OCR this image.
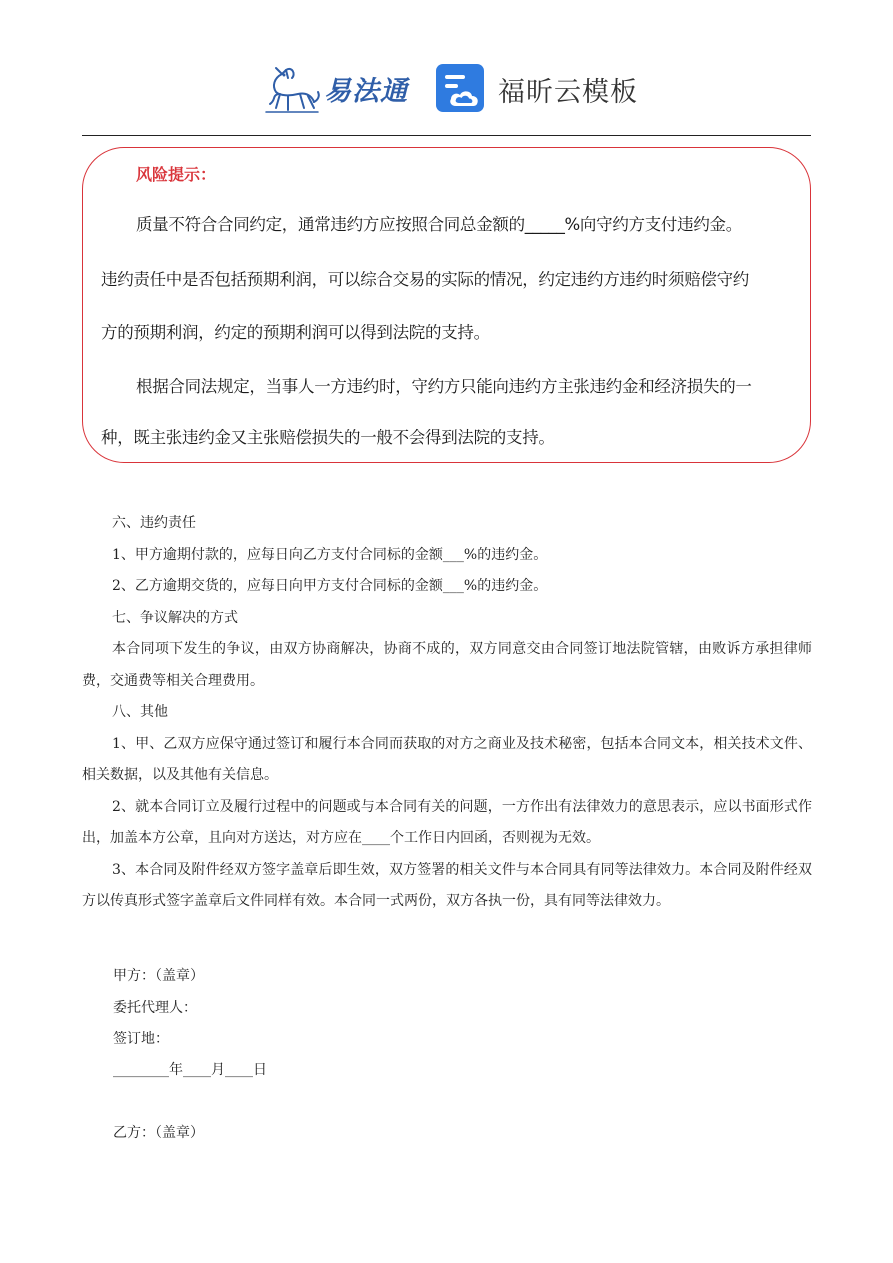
易法通	福昕云模板
风险提示：
质量不符合合同约定，通常违约方应按照合同总金额的_____%向守约方支付违约金。
违约责任中是否包括预期利润，可以综合交易的实际的情况，约定违约方违约时须赔偿守约
方的预期利润，约定的预期利润可以得到法院的支持。
根据合同法规定，当事人一方违约时，守约方只能向违约方主张违约金和经济损失的一
种，既主张违约金又主张赔偿损失的一般不会得到法院的支持。

六、违约责任

1、甲方逾期付款的，应每日向乙方支付合同标的金额___%的违约金。

2、乙方逾期交货的，应每日向甲方支付合同标的金额___%的违约金。

七、争议解决的方式

本合同项下发生的争议，由双方协商解决，协商不成的，双方同意交由合同签订地法院管辖，由败诉方承担律师费，交通费等相关合理费用。

八、其他

1、甲、乙双方应保守通过签订和履行本合同而获取的对方之商业及技术秘密，包括本合同文本，相关技术文件、相关数据，以及其他有关信息。

2、就本合同订立及履行过程中的问题或与本合同有关的问题，一方作出有法律效力的意思表示，应以书面形式作出，加盖本方公章，且向对方送达，对方应在____个工作日内回函，否则视为无效。

3、本合同及附件经双方签字盖章后即生效，双方签署的相关文件与本合同具有同等法律效力。本合同及附件经双方以传真形式签字盖章后文件同样有效。本合同一式两份，双方各执一份，具有同等法律效力。

甲方：（盖章）
委托代理人：
签订地：
________年____月____日
乙方：（盖章）
